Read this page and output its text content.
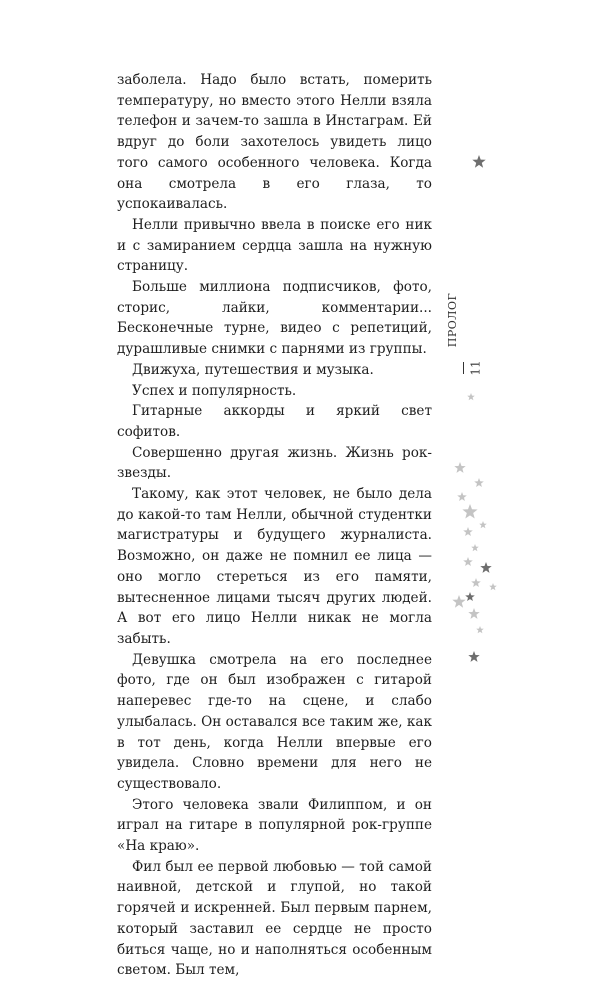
заболела. Надо было встать, померить температуру, но вместо этого Нелли взяла телефон и зачем-то зашла в Инстаграм. Ей вдруг до боли захотелось увидеть лицо того самого особенного человека. Когда она смотрела в его глаза, то успокаивалась.

Нелли привычно ввела в поиске его ник и с замиранием сердца зашла на нужную страницу.

Больше миллиона подписчиков, фото, сторис, лайки, комментарии... Бесконечные турне, видео с репетиций, дурашливые снимки с парнями из группы.

Движуха, путешествия и музыка.

Успех и популярность.

Гитарные аккорды и яркий свет софитов.

Совершенно другая жизнь. Жизнь рок-звезды.

Такому, как этот человек, не было дела до какой-то там Нелли, обычной студентки магистратуры и будущего журналиста. Возможно, он даже не помнил ее лица — оно могло стереться из его памяти, вытесненное лицами тысяч других людей. А вот его лицо Нелли никак не могла забыть.

Девушка смотрела на его последнее фото, где он был изображен с гитарой наперевес где-то на сцене, и слабо улыбалась. Он оставался все таким же, как в тот день, когда Нелли впервые его увидела. Словно времени для него не существовало.

Этого человека звали Филиппом, и он играл на гитаре в популярной рок-группе «На краю».

Фил был ее первой любовью — той самой наивной, детской и глупой, но такой горячей и искренней. Был первым парнем, который заставил ее сердце не просто биться чаще, но и наполняться особенным светом. Был тем,

ПРОЛОГ
11
